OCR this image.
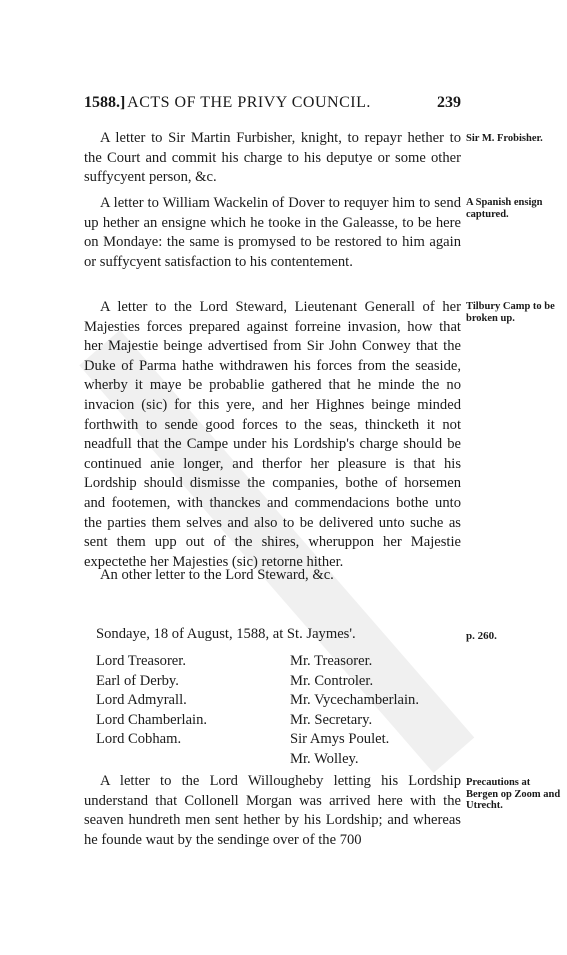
1588.] ACTS OF THE PRIVY COUNCIL.	239

A letter to Sir Martin Furbisher, knight, to repayr hether to the Court and commit his charge to his deputye or some other suffycyent person, &c.

Sir M. Frobisher.

A letter to William Wackelin of Dover to requyer him to send up hether an ensigne which he tooke in the Galeasse, to be here on Mondaye: the same is promysed to be restored to him again or suffycyent satisfaction to his contentement.

A Spanish ensign captured.

A letter to the Lord Steward, Lieutenant Generall of her Majesties forces prepared against forreine invasion, how that her Majestie beinge advertised from Sir John Conwey that the Duke of Parma hathe withdrawen his forces from the seaside, wherby it maye be probablie gathered that he minde the no invacion (sic) for this yere, and her Highnes beinge minded forthwith to sende good forces to the seas, thincketh it not neadfull that the Campe under his Lordship's charge should be continued anie longer, and therfor her pleasure is that his Lordship should dismisse the companies, bothe of horsemen and footemen, with thanckes and commendacions bothe unto the parties them selves and also to be delivered unto suche as sent them upp out of the shires, wheruppon her Majestie expectethe her Majesties (sic) retorne hither.

Tilbury Camp to be broken up.

An other letter to the Lord Steward, &c.

Sondaye, 18 of August, 1588, at St. Jaymes'.	p. 260.
Lord Treasorer.
Earl of Derby.
Lord Admyrall.
Lord Chamberlain.
Lord Cobham.
Mr. Treasorer.
Mr. Controler.
Mr. Vycechamberlain.
Mr. Secretary.
Sir Amys Poulet.
Mr. Wolley.

A letter to the Lord Willougheby letting his Lordship understand that Collonell Morgan was arrived here with the seaven hundreth men sent hether by his Lordship; and whereas he founde waut by the sendinge over of the 700

Precautions at Bergen op Zoom and Utrecht.
